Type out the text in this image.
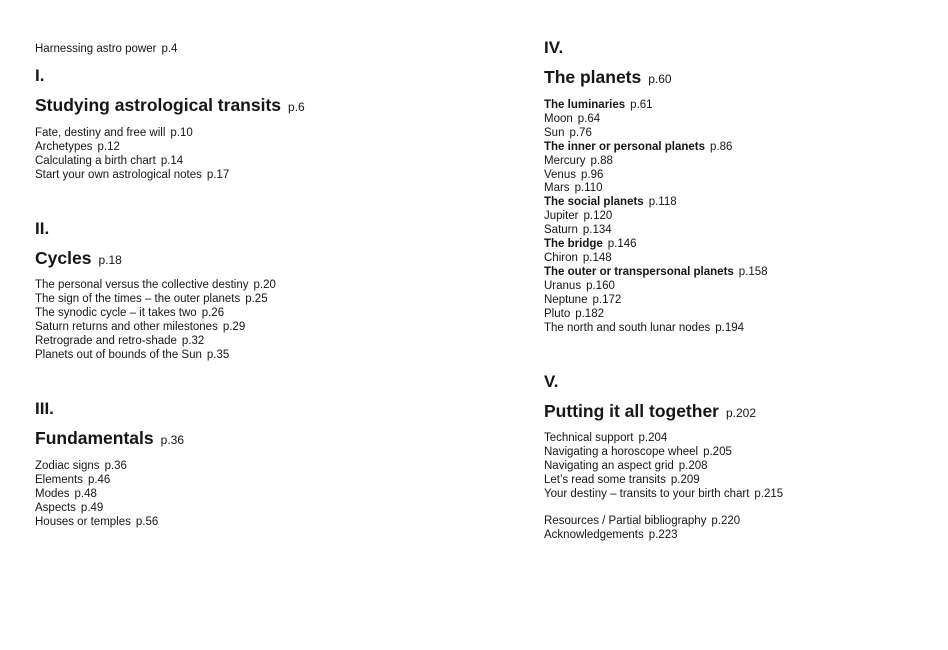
Harnessing astro power p.4
I.
Studying astrological transits p.6
Fate, destiny and free will p.10
Archetypes p.12
Calculating a birth chart p.14
Start your own astrological notes p.17
II.
Cycles p.18
The personal versus the collective destiny p.20
The sign of the times – the outer planets p.25
The synodic cycle – it takes two p.26
Saturn returns and other milestones p.29
Retrograde and retro-shade p.32
Planets out of bounds of the Sun p.35
III.
Fundamentals p.36
Zodiac signs p.36
Elements p.46
Modes p.48
Aspects p.49
Houses or temples p.56
IV.
The planets p.60
The luminaries p.61
Moon p.64
Sun p.76
The inner or personal planets p.86
Mercury p.88
Venus p.96
Mars p.110
The social planets p.118
Jupiter p.120
Saturn p.134
The bridge p.146
Chiron p.148
The outer or transpersonal planets p.158
Uranus p.160
Neptune p.172
Pluto p.182
The north and south lunar nodes p.194
V.
Putting it all together p.202
Technical support p.204
Navigating a horoscope wheel p.205
Navigating an aspect grid p.208
Let’s read some transits p.209
Your destiny – transits to your birth chart p.215
Resources / Partial bibliography p.220
Acknowledgements p.223
